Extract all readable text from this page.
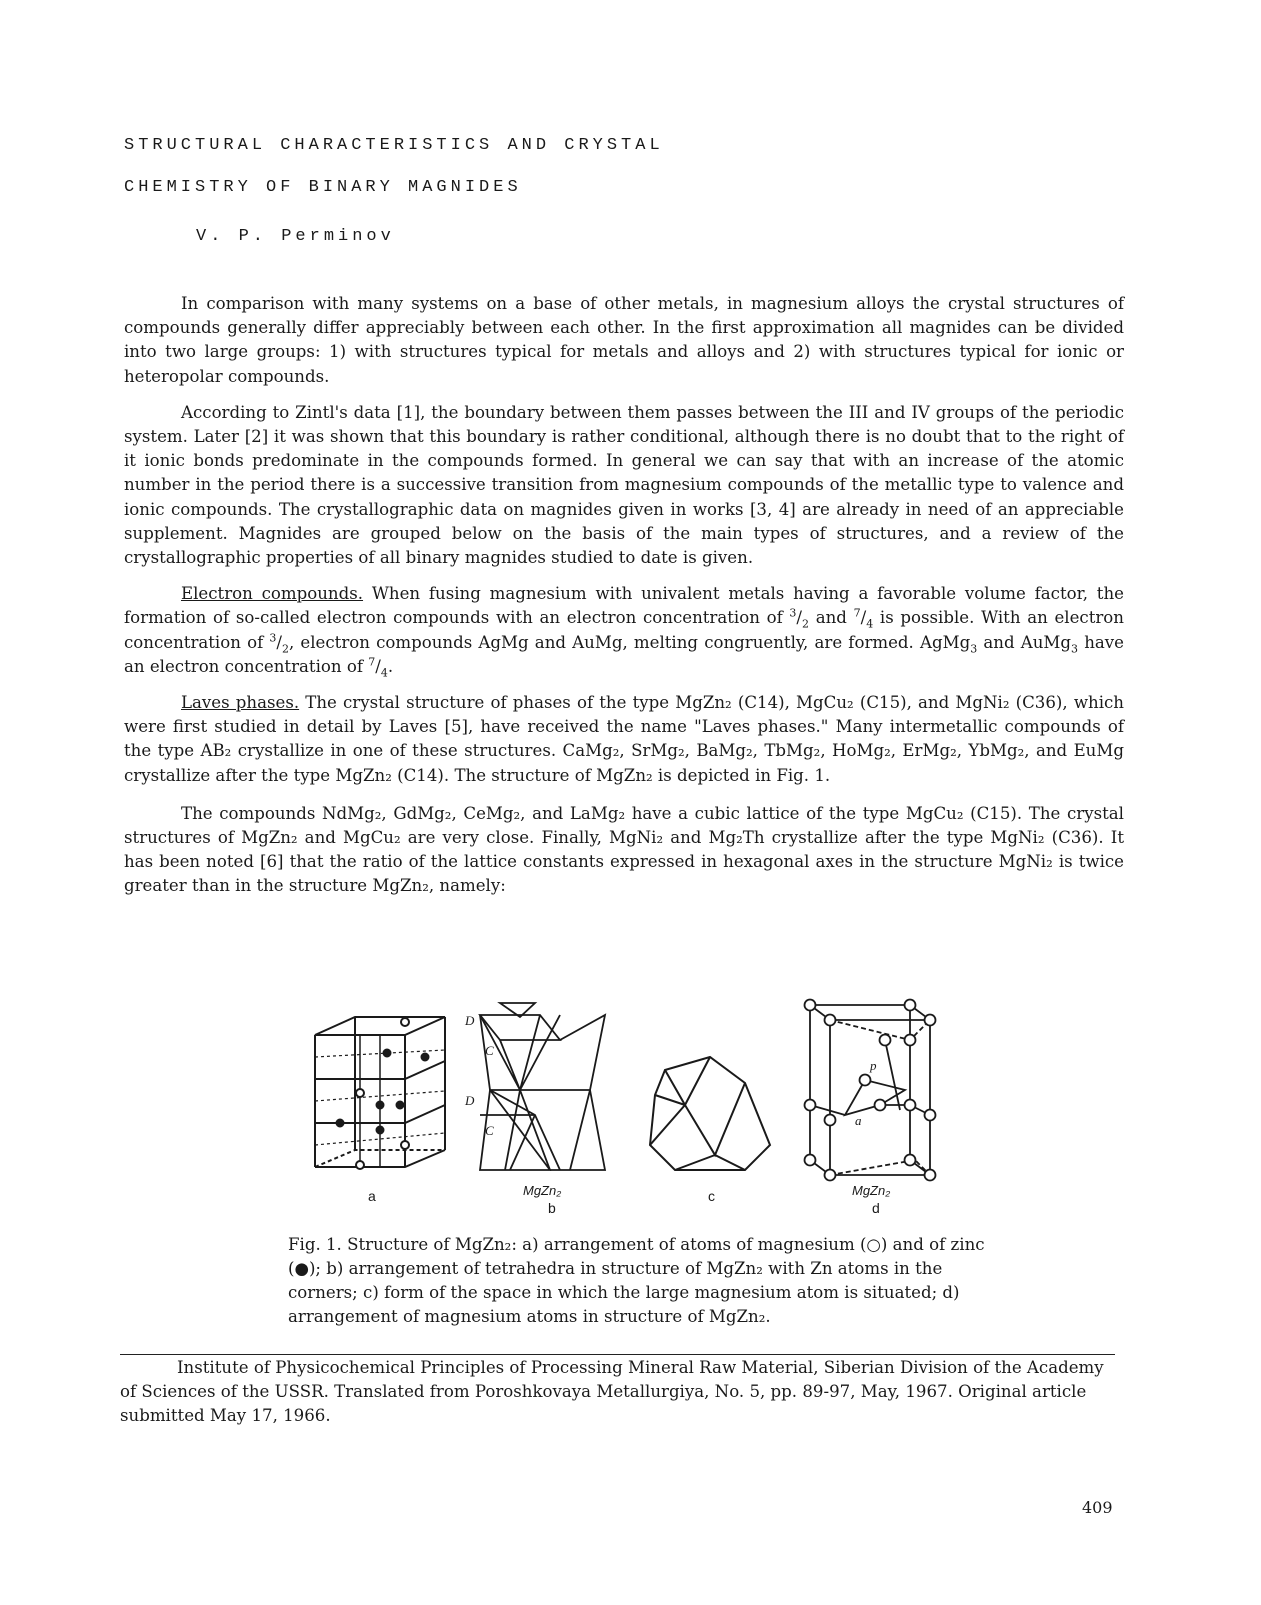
STRUCTURAL CHARACTERISTICS AND CRYSTAL
CHEMISTRY OF BINARY MAGNIDES
V. P. Perminov

In comparison with many systems on a base of other metals, in magnesium alloys the crystal structures of compounds generally differ appreciably between each other. In the first approximation all magnides can be divided into two large groups: 1) with structures typical for metals and alloys and 2) with structures typical for ionic or heteropolar compounds.

According to Zintl's data [1], the boundary between them passes between the III and IV groups of the periodic system. Later [2] it was shown that this boundary is rather conditional, although there is no doubt that to the right of it ionic bonds predominate in the compounds formed. In general we can say that with an increase of the atomic number in the period there is a successive transition from magnesium compounds of the metallic type to valence and ionic compounds. The crystallographic data on magnides given in works [3, 4] are already in need of an appreciable supplement. Magnides are grouped below on the basis of the main types of structures, and a review of the crystallographic properties of all binary magnides studied to date is given.

Electron compounds. When fusing magnesium with univalent metals having a favorable volume factor, the formation of so-called electron compounds with an electron concentration of $^3/_2$ and $^7/_4$ is possible. With an electron concentration of $^3/_2$, electron compounds AgMg and AuMg, melting congruently, are formed. AgMg$_3$ and AuMg$_3$ have an electron concentration of $^7/_4$.

Laves phases. The crystal structure of phases of the type MgZn₂ (C14), MgCu₂ (C15), and MgNi₂ (C36), which were first studied in detail by Laves [5], have received the name "Laves phases." Many intermetallic compounds of the type AB₂ crystallize in one of these structures. CaMg₂, SrMg₂, BaMg₂, TbMg₂, HoMg₂, ErMg₂, YbMg₂, and EuMg crystallize after the type MgZn₂ (C14). The structure of MgZn₂ is depicted in Fig. 1.

The compounds NdMg₂, GdMg₂, CeMg₂, and LaMg₂ have a cubic lattice of the type MgCu₂ (C15). The crystal structures of MgZn₂ and MgCu₂ are very close. Finally, MgNi₂ and Mg₂Th crystallize after the type MgNi₂ (C36). It has been noted [6] that the ratio of the lattice constants expressed in hexagonal axes in the structure MgNi₂ is twice greater than in the structure MgZn₂, namely:

D
D
C
C
p
a
a	MgZn₂
b
c	MgZn₂
d
Fig. 1. Structure of MgZn₂: a) arrangement of atoms of magnesium (○) and of zinc (●); b) arrangement of tetrahedra in structure of MgZn₂ with Zn atoms in the corners; c) form of the space in which the large magnesium atom is situated; d) arrangement of magnesium atoms in structure of MgZn₂.

Institute of Physicochemical Principles of Processing Mineral Raw Material, Siberian Division of the Academy of Sciences of the USSR. Translated from Poroshkovaya Metallurgiya, No. 5, pp. 89-97, May, 1967. Original article submitted May 17, 1966.

409
